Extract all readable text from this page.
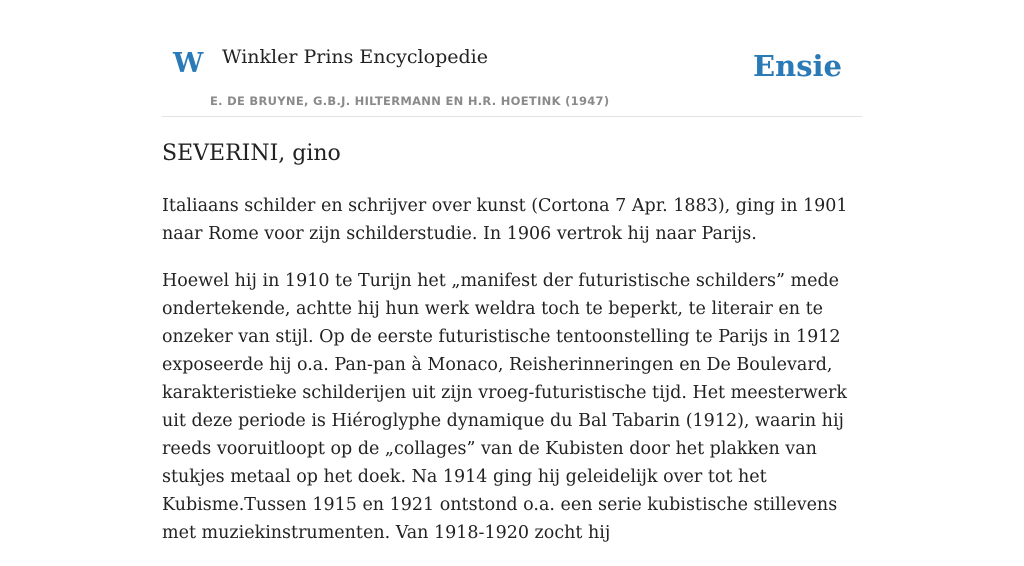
W Winkler Prins Encyclopedie
E. DE BRUYNE, G.B.J. HILTERMANN EN H.R. HOETINK (1947)
Ensie
SEVERINI, gino

Italiaans schilder en schrijver over kunst (Cortona 7 Apr. 1883), ging in 1901 naar Rome voor zijn schilderstudie. In 1906 vertrok hij naar Parijs.

Hoewel hij in 1910 te Turijn het „manifest der futuristische schilders” mede ondertekende, achtte hij hun werk weldra toch te beperkt, te literair en te onzeker van stijl. Op de eerste futuristische tentoonstelling te Parijs in 1912 exposeerde hij o.a. Pan-pan à Monaco, Reisherinneringen en De Boulevard, karakteristieke schilderijen uit zijn vroeg-futuristische tijd. Het meesterwerk uit deze periode is Hiéroglyphe dynamique du Bal Tabarin (1912), waarin hij reeds vooruitloopt op de „collages” van de Kubisten door het plakken van stukjes metaal op het doek. Na 1914 ging hij geleidelijk over tot het Kubisme.Tussen 1915 en 1921 ontstond o.a. een serie kubistische stillevens met muziekinstrumenten. Van 1918-1920 zocht hij
